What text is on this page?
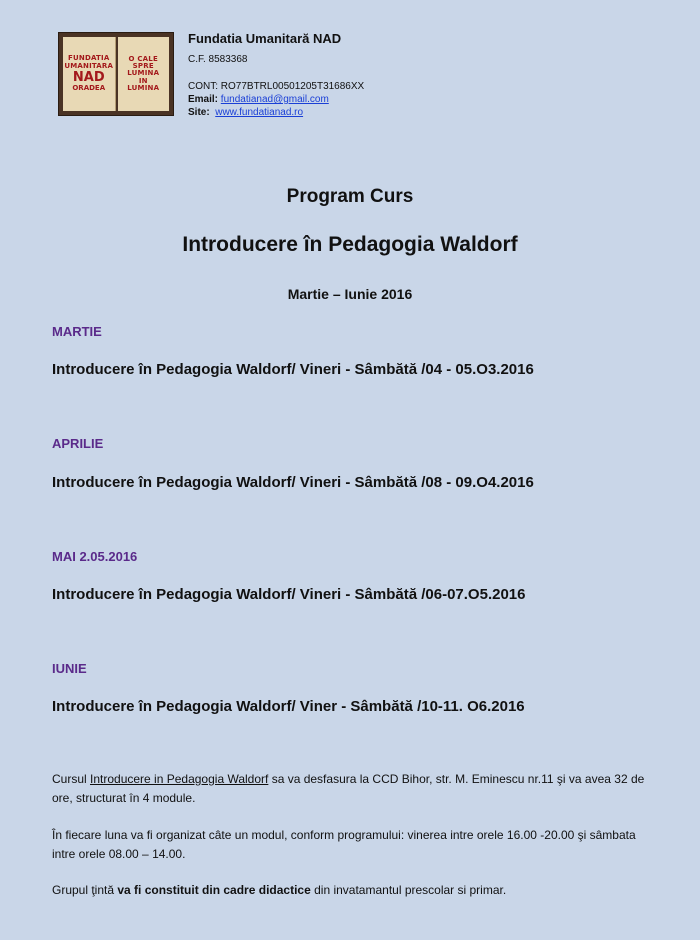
FUNDATIA
UMANITARA
NAD
ORADEA
O CALE
SPRE
LUMINA
IN
LUMINA
Fundatia Umanitară NAD
C.F. 8583368
CONT: RO77BTRL00501205T31686XX
Email: fundatianad@gmail.com
Site: www.fundatianad.ro
Program Curs
Introducere în Pedagogia Waldorf
Martie – Iunie 2016
MARTIE
Introducere în Pedagogia Waldorf/ Vineri - Sâmbătă /04 - 05.O3.2016
APRILIE
Introducere în Pedagogia Waldorf/ Vineri - Sâmbătă /08 - 09.O4.2016
MAI 2.05.2016
Introducere în Pedagogia Waldorf/ Vineri - Sâmbătă /06-07.O5.2016
IUNIE
Introducere în Pedagogia Waldorf/ Viner - Sâmbătă /10-11. O6.2016
Cursul Introducere in Pedagogia Waldorf sa va desfasura la CCD Bihor, str. M. Eminescu nr.11 şi va avea 32 de ore, structurat în 4 module.
În fiecare luna va fi organizat câte un modul, conform programului: vinerea intre orele 16.00 -20.00 şi sâmbata intre orele 08.00 – 14.00.
Grupul ţintă va fi constituit din cadre didactice din invatamantul prescolar si primar.
